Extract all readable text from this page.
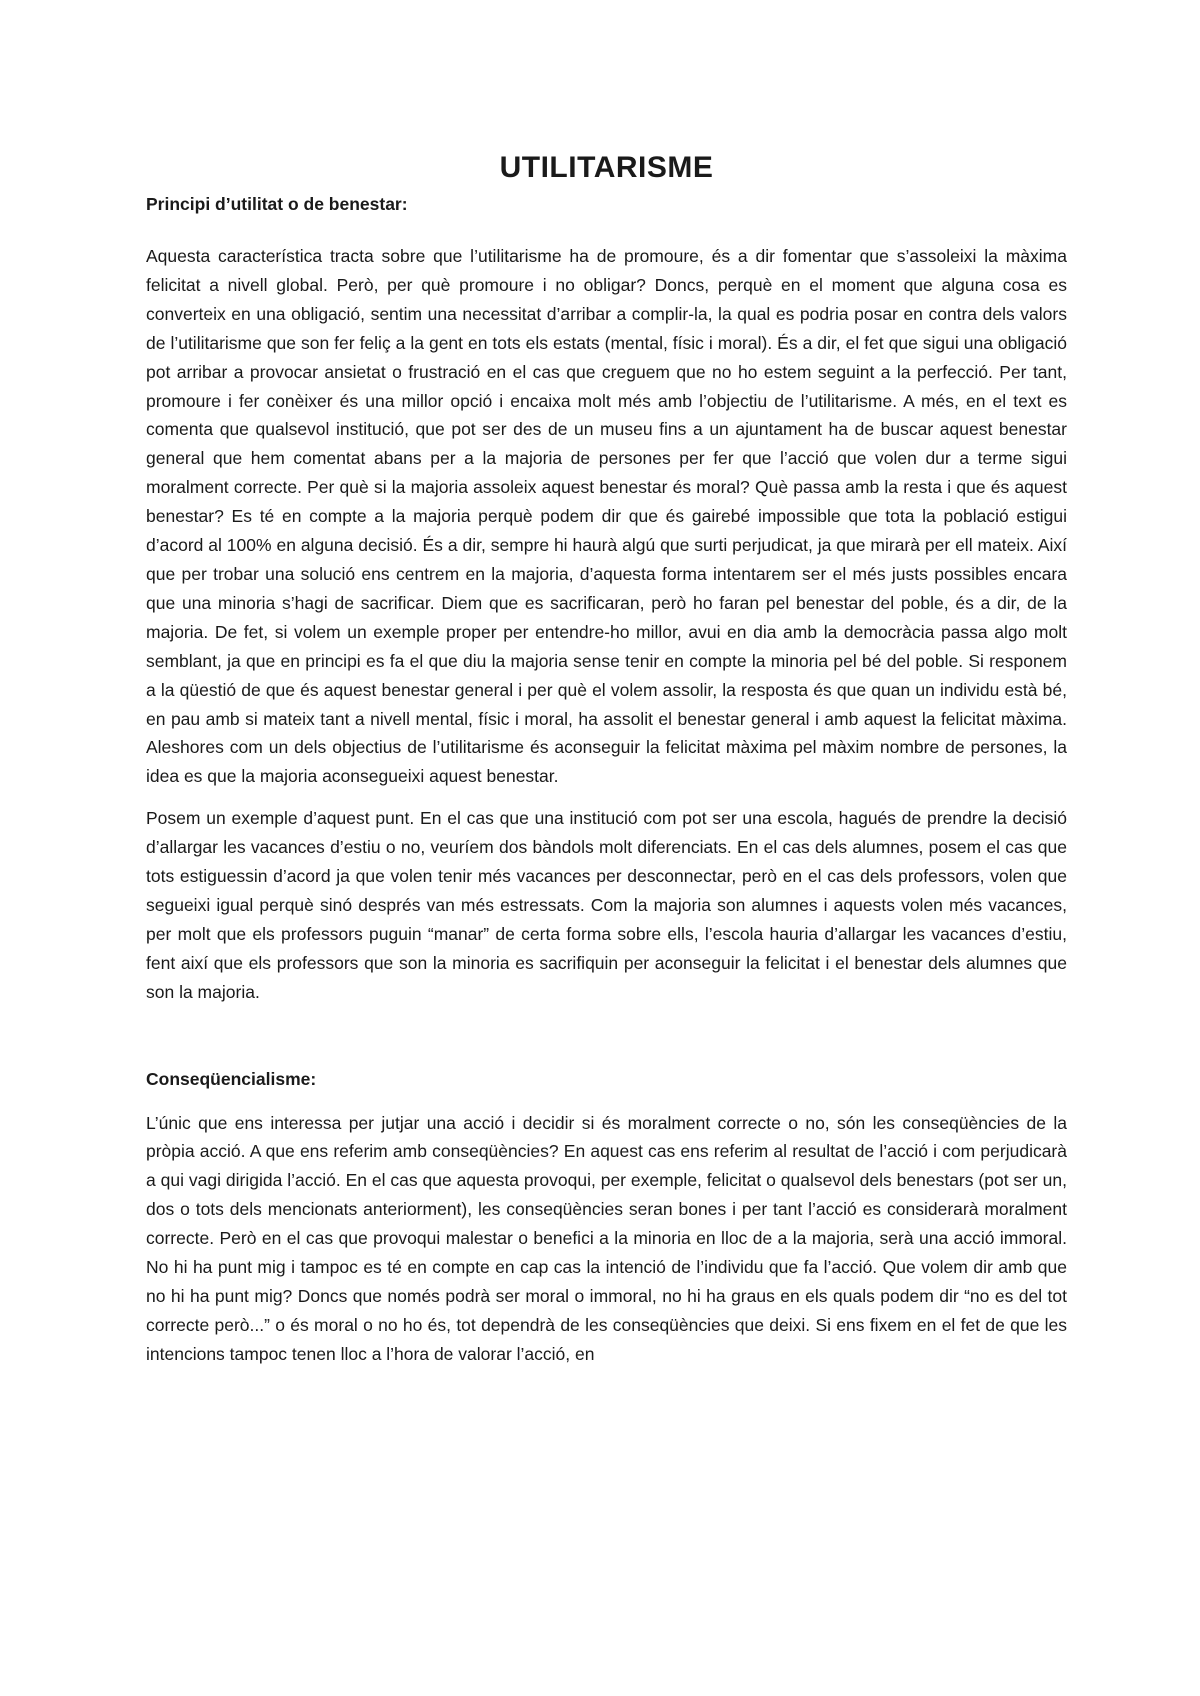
UTILITARISME
Principi d’utilitat o de benestar:

Aquesta característica tracta sobre que l’utilitarisme ha de promoure, és a dir fomentar que s’assoleixi la màxima felicitat a nivell global. Però, per què promoure i no obligar? Doncs, perquè en el moment que alguna cosa es converteix en una obligació, sentim una necessitat d’arribar a complir-la, la qual es podria posar en contra dels valors de l’utilitarisme que son fer feliç a la gent en tots els estats (mental, físic i moral). És a dir, el fet que sigui una obligació pot arribar a provocar ansietat o frustració en el cas que creguem que no ho estem seguint a la perfecció. Per tant, promoure i fer conèixer és una millor opció i encaixa molt més amb l’objectiu de l’utilitarisme. A més, en el text es comenta que qualsevol institució, que pot ser des de un museu fins a un ajuntament ha de buscar aquest benestar general que hem comentat abans per a la majoria de persones per fer que l’acció que volen dur a terme sigui moralment correcte. Per què si la majoria assoleix aquest benestar és moral? Què passa amb la resta i que és aquest benestar? Es té en compte a la majoria perquè podem dir que és gairebé impossible que tota la població estigui d’acord al 100% en alguna decisió. És a dir, sempre hi haurà algú que surti perjudicat, ja que mirarà per ell mateix. Així que per trobar una solució ens centrem en la majoria, d’aquesta forma intentarem ser el més justs possibles encara que una minoria s’hagi de sacrificar. Diem que es sacrificaran, però ho faran pel benestar del poble, és a dir, de la majoria. De fet, si volem un exemple proper per entendre-ho millor, avui en dia amb la democràcia passa algo molt semblant, ja que en principi es fa el que diu la majoria sense tenir en compte la minoria pel bé del poble. Si responem a la qüestió de que és aquest benestar general i per què el volem assolir, la resposta és que quan un individu està bé, en pau amb si mateix tant a nivell mental, físic i moral, ha assolit el benestar general i amb aquest la felicitat màxima. Aleshores com un dels objectius de l’utilitarisme és aconseguir la felicitat màxima pel màxim nombre de persones, la idea es que la majoria aconsegueixi aquest benestar.

Posem un exemple d’aquest punt. En el cas que una institució com pot ser una escola, hagués de prendre la decisió d’allargar les vacances d’estiu o no, veuríem dos bàndols molt diferenciats. En el cas dels alumnes, posem el cas que tots estiguessin d’acord ja que volen tenir més vacances per desconnectar, però en el cas dels professors, volen que segueixi igual perquè sinó després van més estressats. Com la majoria son alumnes i aquests volen més vacances, per molt que els professors puguin “manar” de certa forma sobre ells, l’escola hauria d’allargar les vacances d’estiu, fent així que els professors que son la minoria es sacrifiquin per aconseguir la felicitat i el benestar dels alumnes que son la majoria.

Conseqüencialisme:

L’únic que ens interessa per jutjar una acció i decidir si és moralment correcte o no, són les conseqüències de la pròpia acció. A que ens referim amb conseqüències? En aquest cas ens referim al resultat de l’acció i com perjudicarà a qui vagi dirigida l’acció. En el cas que aquesta provoqui, per exemple, felicitat o qualsevol dels benestars (pot ser un, dos o tots dels mencionats anteriorment), les conseqüències seran bones i per tant l’acció es considerarà moralment correcte. Però en el cas que provoqui malestar o benefici a la minoria en lloc de a la majoria, serà una acció immoral. No hi ha punt mig i tampoc es té en compte en cap cas la intenció de l’individu que fa l’acció. Que volem dir amb que no hi ha punt mig? Doncs que només podrà ser moral o immoral, no hi ha graus en els quals podem dir “no es del tot correcte però...” o és moral o no ho és, tot dependrà de les conseqüències que deixi. Si ens fixem en el fet de que les intencions tampoc tenen lloc a l’hora de valorar l’acció, en
